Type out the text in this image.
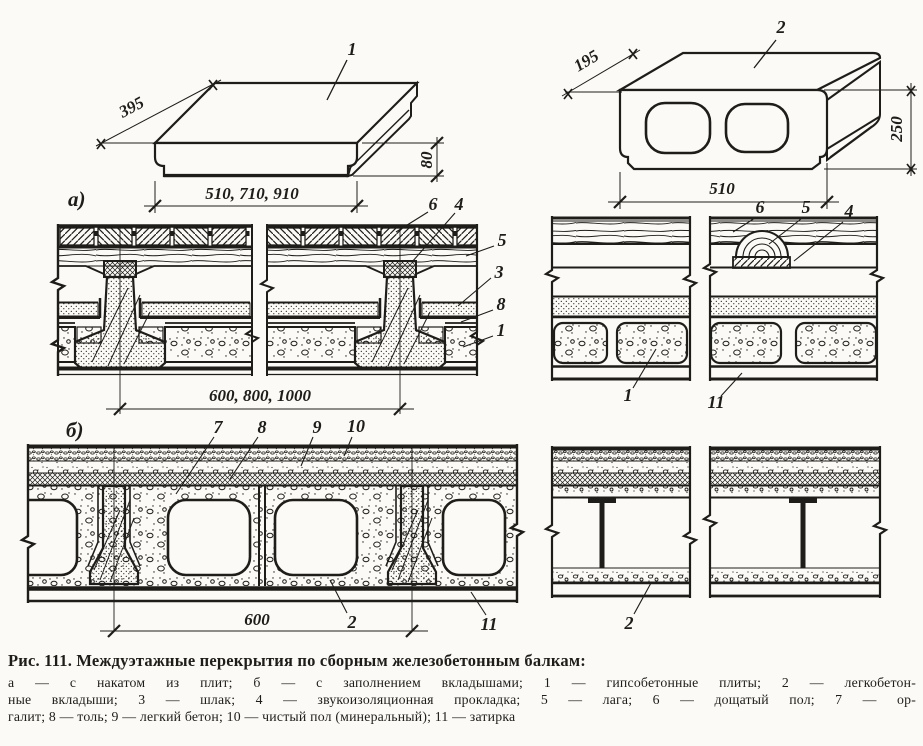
395
510, 710, 910
80
1
а)
195
510
250
2
600, 800, 1000
6 4
5
3
8
1
6 5 4
1	11
б)	7 8	9 10
600	2	11	2
Рис. 111. Междуэтажные перекрытия по сборным железобетонным балкам:
а — с накатом из плит; б — с заполнением вкладышами; 1 — гипсобетонные плиты; 2 — легкобетон-
ные вкладыши; 3 — шлак; 4 — звукоизоляционная прокладка; 5 — лага; 6 — дощатый пол; 7 — ор-
галит; 8 — толь; 9 — легкий бетон; 10 — чистый пол (минеральный); 11 — затирка
